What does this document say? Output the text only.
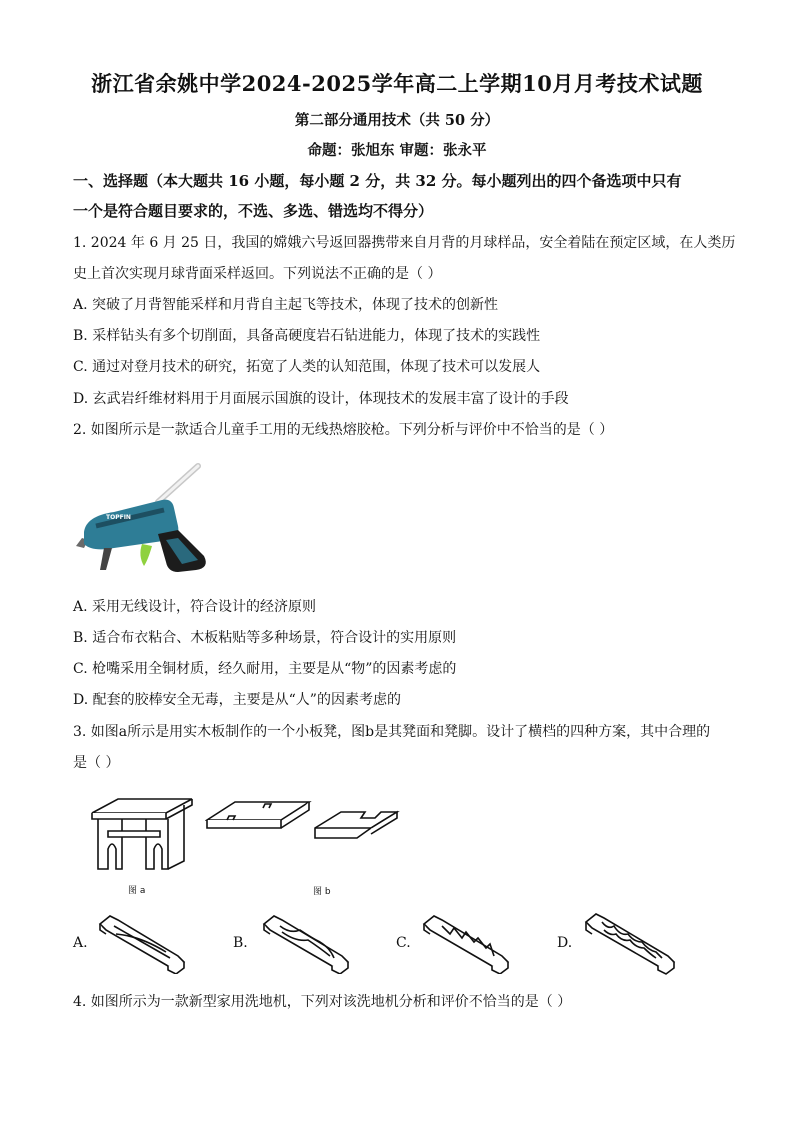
浙江省余姚中学2024-2025学年高二上学期10月月考技术试题
第二部分通用技术（共 50 分）
命题：张旭东 审题：张永平
一、选择题（本大题共 16 小题，每小题 2 分，共 32 分。每小题列出的四个备选项中只有
一个是符合题目要求的，不选、多选、错选均不得分）
1. 2024 年 6 月 25 日，我国的嫦娥六号返回器携带来自月背的月球样品，安全着陆在预定区域，在人类历
史上首次实现月球背面采样返回。下列说法不正确的是（ ）
A. 突破了月背智能采样和月背自主起飞等技术，体现了技术的创新性
B. 采样钻头有多个切削面，具备高硬度岩石钻进能力，体现了技术的实践性
C. 通过对登月技术的研究，拓宽了人类的认知范围，体现了技术可以发展人
D. 玄武岩纤维材料用于月面展示国旗的设计，体现技术的发展丰富了设计的手段
2. 如图所示是一款适合儿童手工用的无线热熔胶枪。下列分析与评价中不恰当的是（ ）
TOPFIN
A. 采用无线设计，符合设计的经济原则
B. 适合布衣粘合、木板粘贴等多种场景，符合设计的实用原则
C. 枪嘴采用全铜材质，经久耐用，主要是从“物”的因素考虑的
D. 配套的胶棒安全无毒，主要是从“人”的因素考虑的
3. 如图a所示是用实木板制作的一个小板凳，图b是其凳面和凳脚。设计了横档的四种方案，其中合理的
是（ ）
图 a	图 b
A.	B.	C.	D.
4. 如图所示为一款新型家用洗地机，下列对该洗地机分析和评价不恰当的是（ ）
